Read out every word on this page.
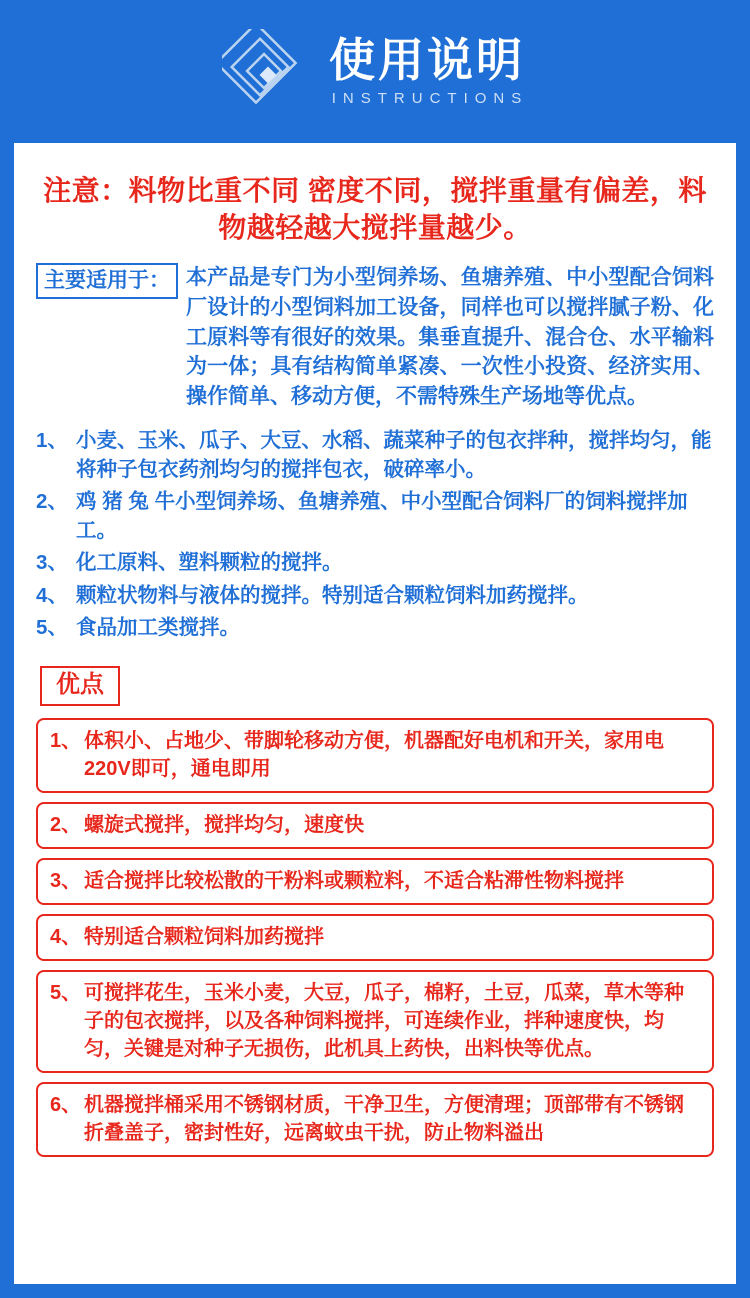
使用说明
INSTRUCTIONS
注意：料物比重不同 密度不同，搅拌重量有偏差，料物越轻越大搅拌量越少。
主要适用于： 本产品是专门为小型饲养场、鱼塘养殖、中小型配合饲料厂设计的小型饲料加工设备，同样也可以搅拌腻子粉、化工原料等有很好的效果。集垂直提升、混合仓、水平输料为一体；具有结构简单紧凑、一次性小投资、经济实用、操作简单、移动方便，不需特殊生产场地等优点。
1、 小麦、玉米、瓜子、大豆、水稻、蔬菜种子的包衣拌种，搅拌均匀，能将种子包衣药剂均匀的搅拌包衣，破碎率小。
2、 鸡 猪 兔 牛小型饲养场、鱼塘养殖、中小型配合饲料厂的饲料搅拌加工。
3、 化工原料、塑料颗粒的搅拌。
4、 颗粒状物料与液体的搅拌。特别适合颗粒饲料加药搅拌。
5、 食品加工类搅拌。
优点
1、 体积小、占地少、带脚轮移动方便，机器配好电机和开关，家用电220V即可，通电即用
2、 螺旋式搅拌，搅拌均匀，速度快
3、 适合搅拌比较松散的干粉料或颗粒料，不适合粘滞性物料搅拌
4、 特别适合颗粒饲料加药搅拌
5、 可搅拌花生，玉米小麦，大豆，瓜子，棉籽，土豆，瓜菜，草木等种子的包衣搅拌，以及各种饲料搅拌，可连续作业，拌种速度快，均匀，关键是对种子无损伤，此机具上药快，出料快等优点。
6、 机器搅拌桶采用不锈钢材质，干净卫生，方便清理；顶部带有不锈钢折叠盖子，密封性好，远离蚊虫干扰，防止物料溢出
